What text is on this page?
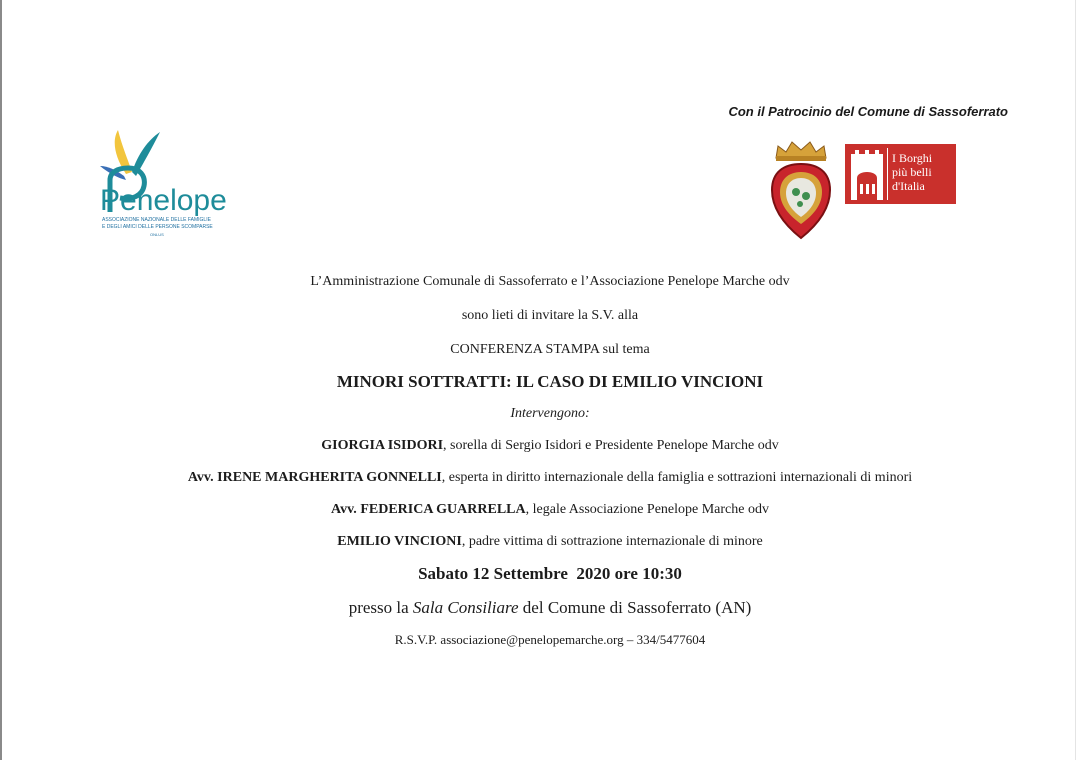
Con il Patrocinio del Comune di Sassoferrato
Penelope
ASSOCIAZIONE NAZIONALE DELLE FAMIGLIE
E DEGLI AMICI DELLE PERSONE SCOMPARSE
ONLUS
I Borghi
più belli
d'Italia
L’Amministrazione Comunale di Sassoferrato e l’Associazione Penelope Marche odv
sono lieti di invitare la S.V. alla
CONFERENZA STAMPA sul tema
MINORI SOTTRATTI: IL CASO DI EMILIO VINCIONI
Intervengono:
GIORGIA ISIDORI, sorella di Sergio Isidori e Presidente Penelope Marche odv
Avv. IRENE MARGHERITA GONNELLI, esperta in diritto internazionale della famiglia e sottrazioni internazionali di minori
Avv. FEDERICA GUARRELLA, legale Associazione Penelope Marche odv
EMILIO VINCIONI, padre vittima di sottrazione internazionale di minore
Sabato 12 Settembre  2020 ore 10:30
presso la Sala Consiliare del Comune di Sassoferrato (AN)
R.S.V.P. associazione@penelopemarche.org – 334/5477604
